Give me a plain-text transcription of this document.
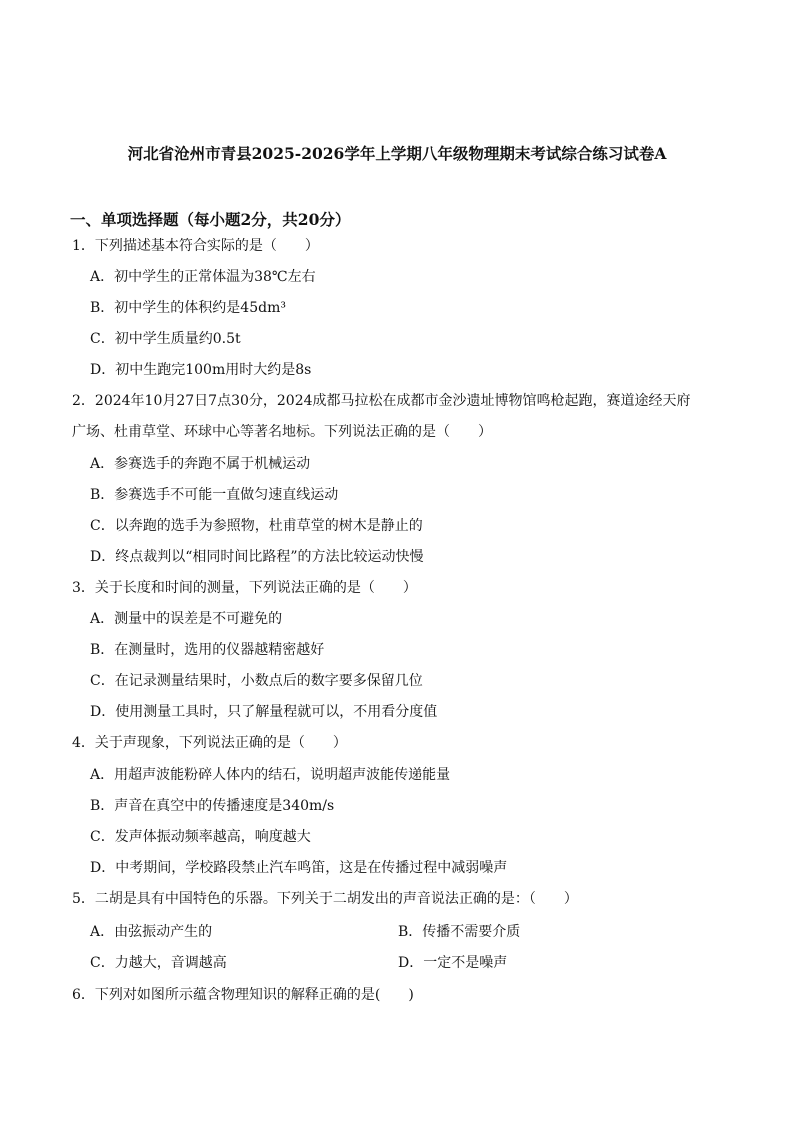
河北省沧州市青县2025-2026学年上学期八年级物理期末考试综合练习试卷A
一、单项选择题（每小题2分，共20分）
1．下列描述基本符合实际的是（　　）
A．初中学生的正常体温为38℃左右
B．初中学生的体积约是45dm³
C．初中学生质量约0.5t
D．初中生跑完100m用时大约是8s
2．2024年10月27日7点30分，2024成都马拉松在成都市金沙遗址博物馆鸣枪起跑，赛道途经天府
广场、杜甫草堂、环球中心等著名地标。下列说法正确的是（　　）
A．参赛选手的奔跑不属于机械运动
B．参赛选手不可能一直做匀速直线运动
C．以奔跑的选手为参照物，杜甫草堂的树木是静止的
D．终点裁判以“相同时间比路程”的方法比较运动快慢
3．关于长度和时间的测量，下列说法正确的是（　　）
A．测量中的误差是不可避免的
B．在测量时，选用的仪器越精密越好
C．在记录测量结果时，小数点后的数字要多保留几位
D．使用测量工具时，只了解量程就可以，不用看分度值
4．关于声现象，下列说法正确的是（　　）
A．用超声波能粉碎人体内的结石，说明超声波能传递能量
B．声音在真空中的传播速度是340m/s
C．发声体振动频率越高，响度越大
D．中考期间，学校路段禁止汽车鸣笛，这是在传播过程中减弱噪声
5．二胡是具有中国特色的乐器。下列关于二胡发出的声音说法正确的是：（　　）
A．由弦振动产生的	B．传播不需要介质
C．力越大，音调越高	D．一定不是噪声
6．下列对如图所示蕴含物理知识的解释正确的是(　　)
